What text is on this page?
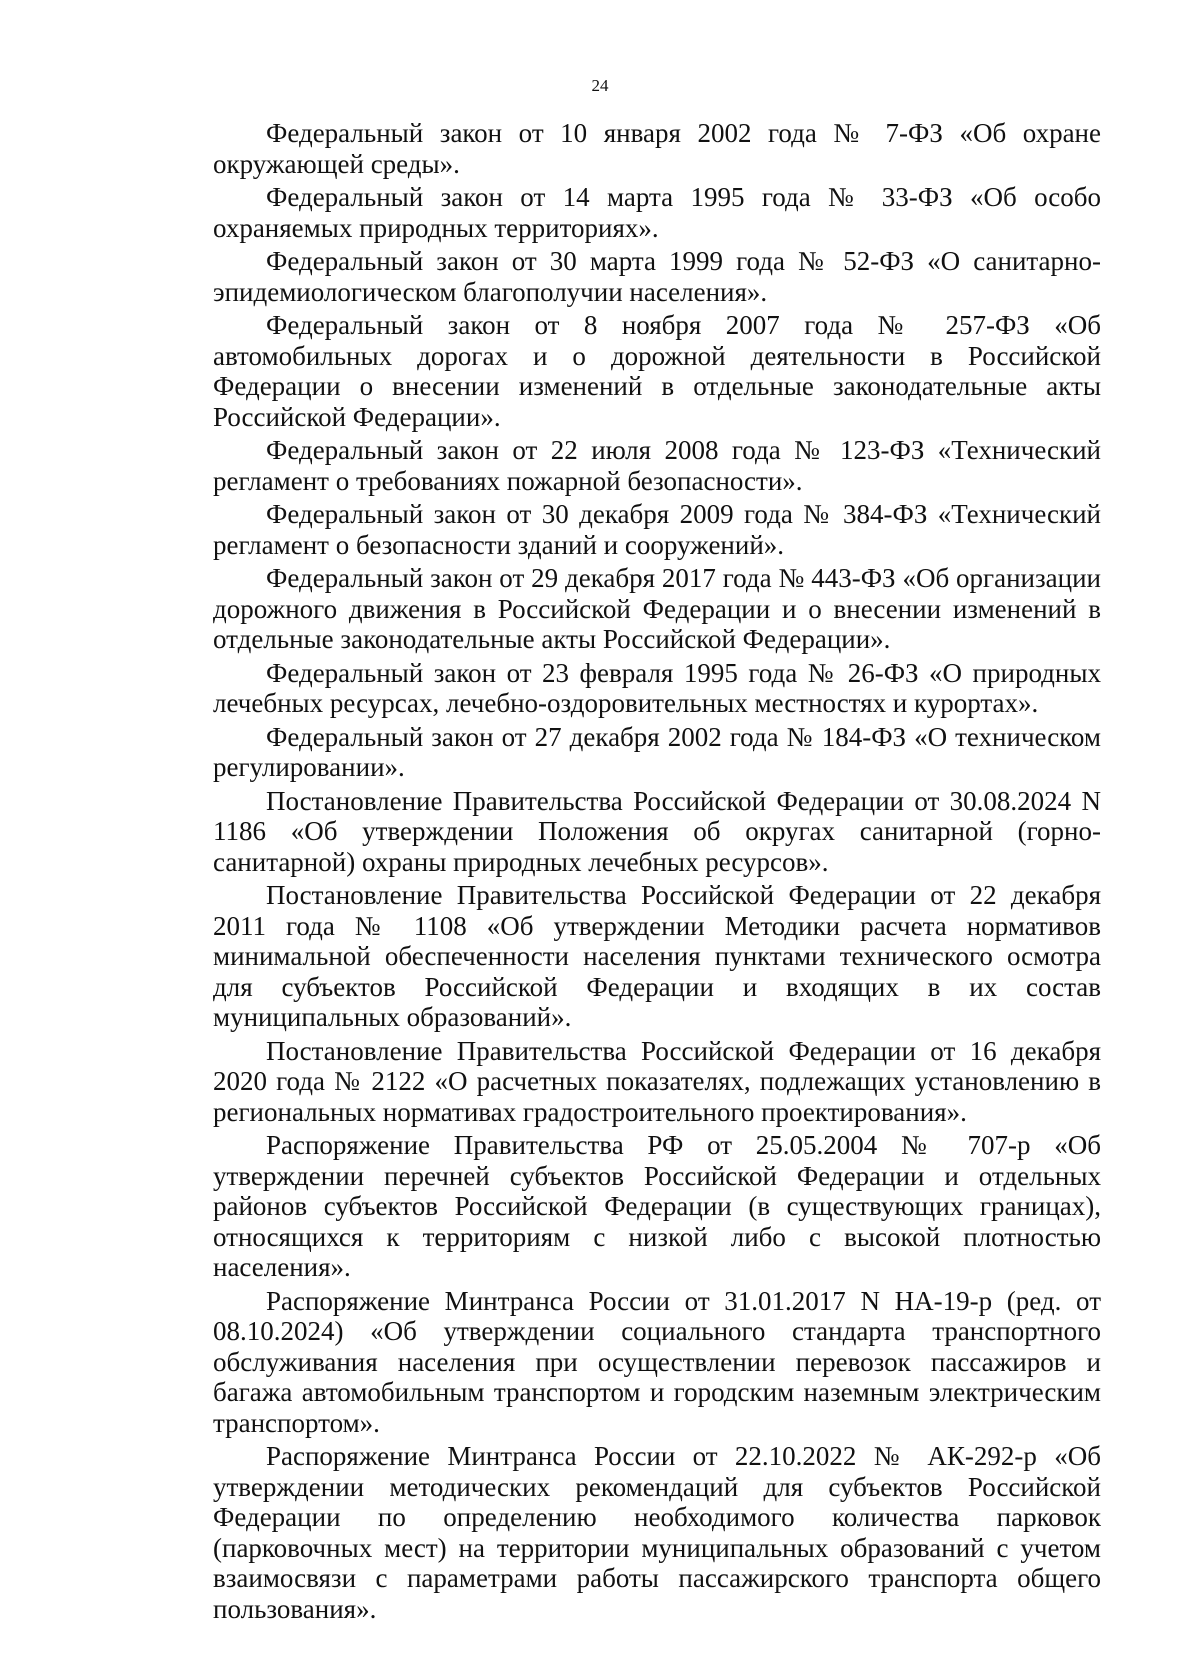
24

Федеральный закон от 10 января 2002 года № 7-ФЗ «Об охране окружающей среды».

Федеральный закон от 14 марта 1995 года № 33-ФЗ «Об особо охраняемых природных территориях».

Федеральный закон от 30 марта 1999 года № 52-ФЗ «О санитарно-эпидемиологическом благополучии населения».

Федеральный закон от 8 ноября 2007 года № 257-ФЗ «Об автомобильных дорогах и о дорожной деятельности в Российской Федерации о внесении изменений в отдельные законодательные акты Российской Федерации».

Федеральный закон от 22 июля 2008 года № 123-ФЗ «Технический регламент о требованиях пожарной безопасности».

Федеральный закон от 30 декабря 2009 года № 384-ФЗ «Технический регламент о безопасности зданий и сооружений».

Федеральный закон от 29 декабря 2017 года № 443-ФЗ «Об организации дорожного движения в Российской Федерации и о внесении изменений в отдельные законодательные акты Российской Федерации».

Федеральный закон от 23 февраля 1995 года № 26-ФЗ «О природных лечебных ресурсах, лечебно-оздоровительных местностях и курортах».

Федеральный закон от 27 декабря 2002 года № 184-ФЗ «О техническом регулировании».

Постановление Правительства Российской Федерации от 30.08.2024 N 1186 «Об утверждении Положения об округах санитарной (горно-санитарной) охраны природных лечебных ресурсов».

Постановление Правительства Российской Федерации от 22 декабря 2011 года № 1108 «Об утверждении Методики расчета нормативов минимальной обеспеченности населения пунктами технического осмотра для субъектов Российской Федерации и входящих в их состав муниципальных образований».

Постановление Правительства Российской Федерации от 16 декабря 2020 года № 2122 «О расчетных показателях, подлежащих установлению в региональных нормативах градостроительного проектирования».

Распоряжение Правительства РФ от 25.05.2004 № 707-р «Об утверждении перечней субъектов Российской Федерации и отдельных районов субъектов Российской Федерации (в существующих границах), относящихся к территориям с низкой либо с высокой плотностью населения».

Распоряжение Минтранса России от 31.01.2017 N НА-19-р (ред. от 08.10.2024) «Об утверждении социального стандарта транспортного обслуживания населения при осуществлении перевозок пассажиров и багажа автомобильным транспортом и городским наземным электрическим транспортом».

Распоряжение Минтранса России от 22.10.2022 № АК-292-р «Об утверждении методических рекомендаций для субъектов Российской Федерации по определению необходимого количества парковок (парковочных мест) на территории муниципальных образований с учетом взаимосвязи с параметрами работы пассажирского транспорта общего пользования».
